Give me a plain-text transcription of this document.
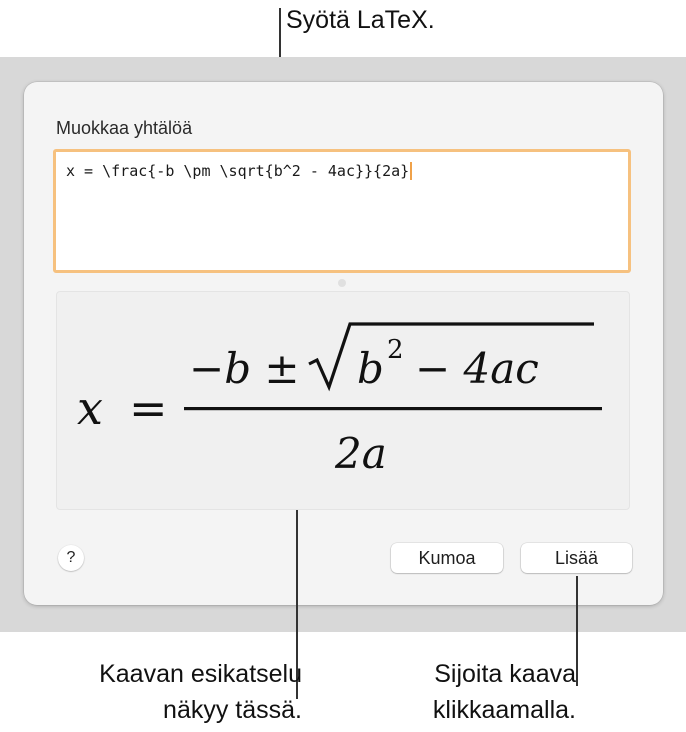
Syötä LaTeX.
Muokkaa yhtälöä
x = \frac{-b \pm \sqrt{b^2 - 4ac}}{2a}
x =
−b ± b 2 − 4ac
2a
?	Kumoa	Lisää
Kaavan esikatselu
näkyy tässä.
Sijoita kaava
klikkaamalla.
